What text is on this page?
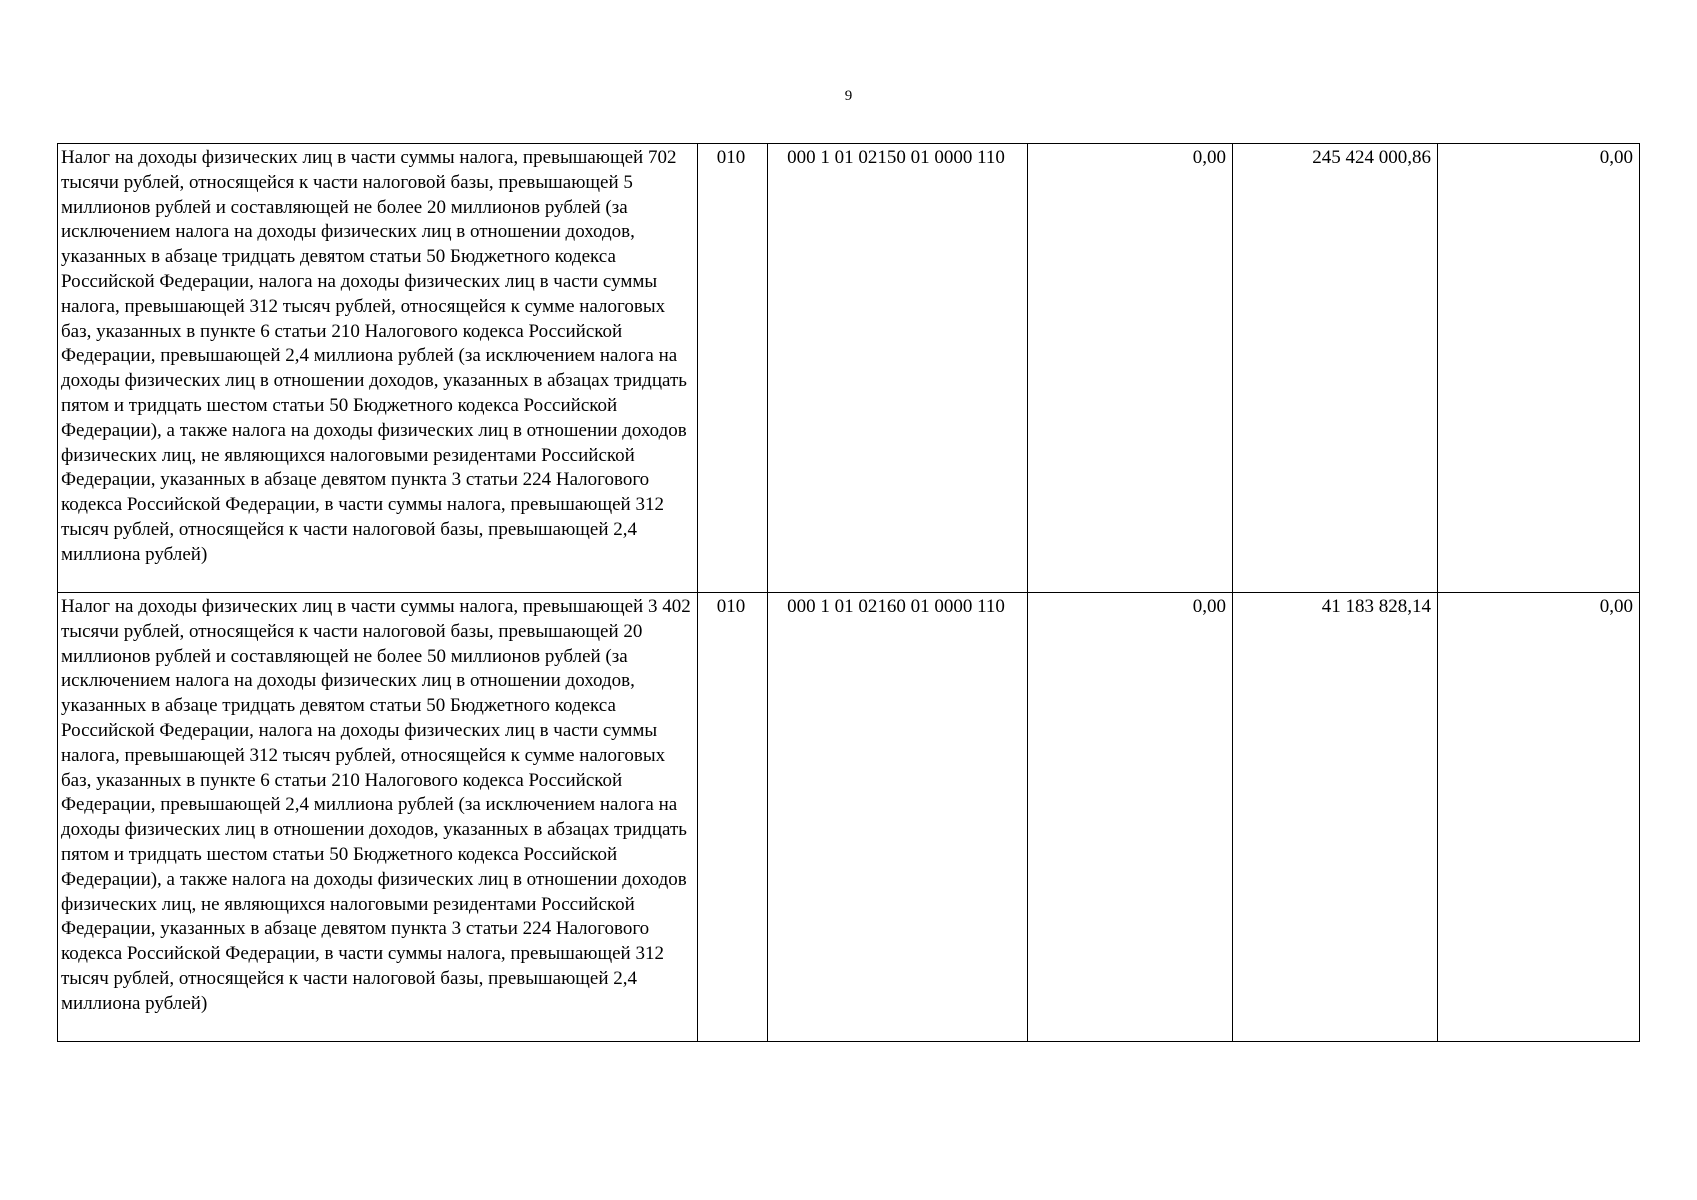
9
Налог на доходы физических лиц в части суммы налога, превышающей 702 тысячи рублей, относящейся к части налоговой базы, превышающей 5 миллионов рублей и составляющей не более 20 миллионов рублей (за исключением налога на доходы физических лиц в отношении доходов, указанных в абзаце тридцать девятом статьи 50 Бюджетного кодекса Российской Федерации, налога на доходы физических лиц в части суммы налога, превышающей 312 тысяч рублей, относящейся к сумме налоговых баз, указанных в пункте 6 статьи 210 Налогового кодекса Российской Федерации, превышающей 2,4 миллиона рублей (за исключением налога на доходы физических лиц в отношении доходов, указанных в абзацах тридцать пятом и тридцать шестом статьи 50 Бюджетного кодекса Российской Федерации), а также налога на доходы физических лиц в отношении доходов физических лиц, не являющихся налоговыми резидентами Российской Федерации, указанных в абзаце девятом пункта 3 статьи 224 Налогового кодекса Российской Федерации, в части суммы налога, превышающей 312 тысяч рублей, относящейся к части налоговой базы, превышающей 2,4 миллиона рублей)	010	000 1 01 02150 01 0000 110	0,00	245 424 000,86	0,00
Налог на доходы физических лиц в части суммы налога, превышающей 3 402 тысячи рублей, относящейся к части налоговой базы, превышающей 20 миллионов рублей и составляющей не более 50 миллионов рублей (за исключением налога на доходы физических лиц в отношении доходов, указанных в абзаце тридцать девятом статьи 50 Бюджетного кодекса Российской Федерации, налога на доходы физических лиц в части суммы налога, превышающей 312 тысяч рублей, относящейся к сумме налоговых баз, указанных в пункте 6 статьи 210 Налогового кодекса Российской Федерации, превышающей 2,4 миллиона рублей (за исключением налога на доходы физических лиц в отношении доходов, указанных в абзацах тридцать пятом и тридцать шестом статьи 50 Бюджетного кодекса Российской Федерации), а также налога на доходы физических лиц в отношении доходов физических лиц, не являющихся налоговыми резидентами Российской Федерации, указанных в абзаце девятом пункта 3 статьи 224 Налогового кодекса Российской Федерации, в части суммы налога, превышающей 312 тысяч рублей, относящейся к части налоговой базы, превышающей 2,4 миллиона рублей)	010	000 1 01 02160 01 0000 110	0,00	41 183 828,14	0,00
